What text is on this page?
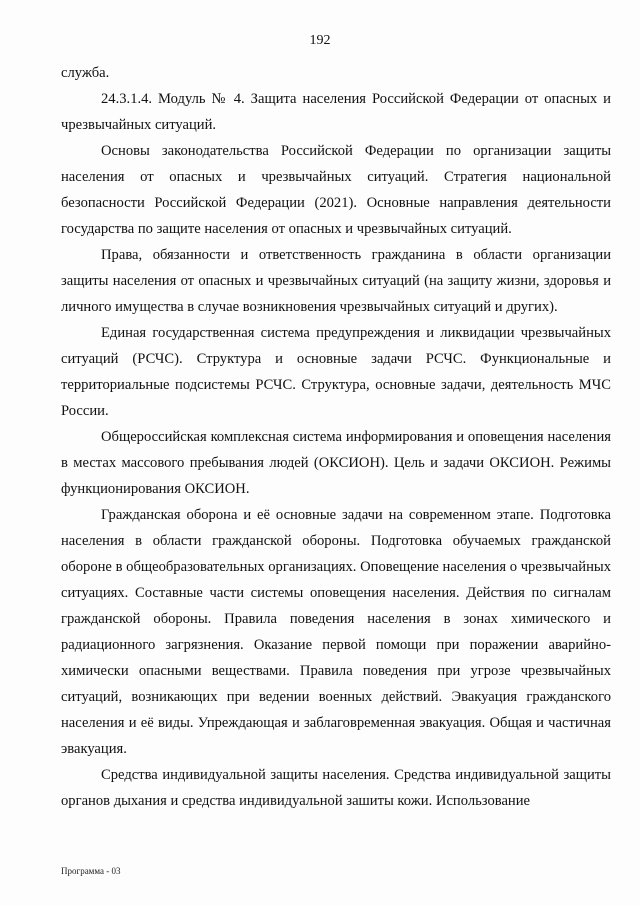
192

служба.

24.3.1.4. Модуль № 4. Защита населения Российской Федерации от опасных и чрезвычайных ситуаций.

Основы законодательства Российской Федерации по организации защиты населения от опасных и чрезвычайных ситуаций. Стратегия национальной безопасности Российской Федерации (2021). Основные направления деятельности государства по защите населения от опасных и чрезвычайных ситуаций.

Права, обязанности и ответственность гражданина в области организации защиты населения от опасных и чрезвычайных ситуаций (на защиту жизни, здоровья и личного имущества в случае возникновения чрезвычайных ситуаций и других).

Единая государственная система предупреждения и ликвидации чрезвычайных ситуаций (РСЧС). Структура и основные задачи РСЧС. Функциональные и территориальные подсистемы РСЧС. Структура, основные задачи, деятельность МЧС России.

Общероссийская комплексная система информирования и оповещения населения в местах массового пребывания людей (ОКСИОН). Цель и задачи ОКСИОН. Режимы функционирования ОКСИОН.

Гражданская оборона и её основные задачи на современном этапе. Подготовка населения в области гражданской обороны. Подготовка обучаемых гражданской обороне в общеобразовательных организациях. Оповещение населения о чрезвычайных ситуациях. Составные части системы оповещения населения. Действия по сигналам гражданской обороны. Правила поведения населения в зонах химического и радиационного загрязнения. Оказание первой помощи при поражении аварийно-химически опасными веществами. Правила поведения при угрозе чрезвычайных ситуаций, возникающих при ведении военных действий. Эвакуация гражданского населения и её виды. Упреждающая и заблаговременная эвакуация. Общая и частичная эвакуация.

Средства индивидуальной защиты населения. Средства индивидуальной защиты органов дыхания и средства индивидуальной зашиты кожи. Использование

Программа - 03
